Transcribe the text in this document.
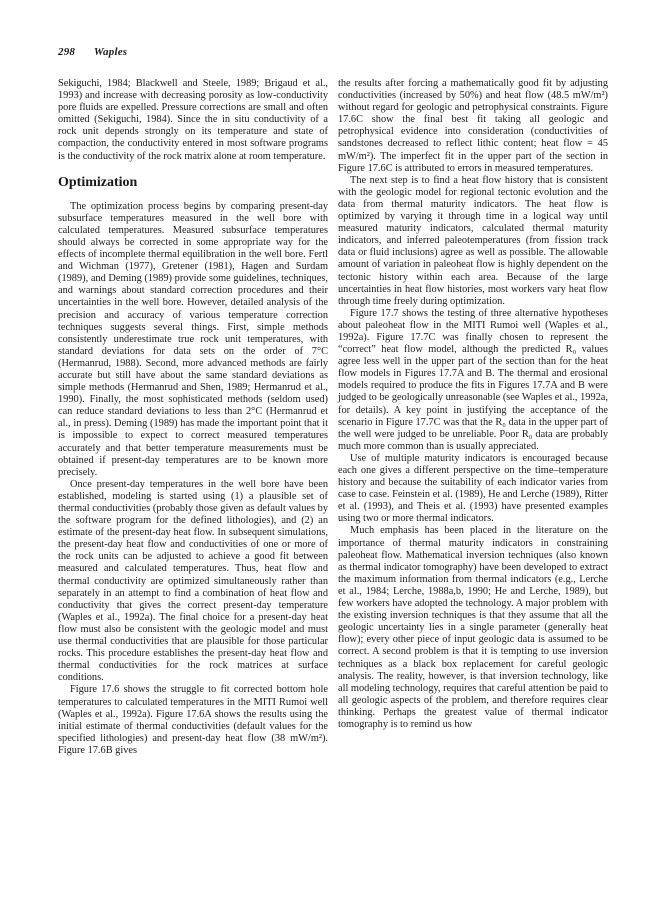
298 Waples

Sekiguchi, 1984; Blackwell and Steele, 1989; Brigaud et al., 1993) and increase with decreasing porosity as low-conductivity pore fluids are expelled. Pressure corrections are small and often omitted (Sekiguchi, 1984). Since the in situ conductivity of a rock unit depends strongly on its temperature and state of compaction, the conductivity entered in most software programs is the conductivity of the rock matrix alone at room temperature.

Optimization

The optimization process begins by comparing present-day subsurface temperatures measured in the well bore with calculated temperatures. Measured subsurface temperatures should always be corrected in some appropriate way for the effects of incomplete thermal equilibration in the well bore. Fertl and Wichman (1977), Gretener (1981), Hagen and Surdam (1989), and Deming (1989) provide some guidelines, techniques, and warnings about standard correction procedures and their uncertainties in the well bore. However, detailed analysis of the precision and accuracy of various temperature correction techniques suggests several things. First, simple methods consistently underestimate true rock unit temperatures, with standard deviations for data sets on the order of 7°C (Hermanrud, 1988). Second, more advanced methods are fairly accurate but still have about the same standard deviations as simple methods (Hermanrud and Shen, 1989; Hermanrud et al., 1990). Finally, the most sophisticated methods (seldom used) can reduce standard deviations to less than 2°C (Hermanrud et al., in press). Deming (1989) has made the important point that it is impossible to expect to correct measured temperatures accurately and that better temperature measurements must be obtained if present-day temperatures are to be known more precisely.

Once present-day temperatures in the well bore have been established, modeling is started using (1) a plausible set of thermal conductivities (probably those given as default values by the software program for the defined lithologies), and (2) an estimate of the present-day heat flow. In subsequent simulations, the present-day heat flow and conductivities of one or more of the rock units can be adjusted to achieve a good fit between measured and calculated temperatures. Thus, heat flow and thermal conductivity are optimized simultaneously rather than separately in an attempt to find a combination of heat flow and conductivity that gives the correct present-day temperature (Waples et al., 1992a). The final choice for a present-day heat flow must also be consistent with the geologic model and must use thermal conductivities that are plausible for those particular rocks. This procedure establishes the present-day heat flow and thermal conductivities for the rock matrices at surface conditions.

Figure 17.6 shows the struggle to fit corrected bottom hole temperatures to calculated temperatures in the MITI Rumoi well (Waples et al., 1992a). Figure 17.6A shows the results using the initial estimate of thermal conductivities (default values for the specified lithologies) and present-day heat flow (38 mW/m²). Figure 17.6B gives

the results after forcing a mathematically good fit by adjusting conductivities (increased by 50%) and heat flow (48.5 mW/m²) without regard for geologic and petrophysical constraints. Figure 17.6C show the final best fit taking all geologic and petrophysical evidence into consideration (conductivities of sandstones decreased to reflect lithic content; heat flow = 45 mW/m²). The imperfect fit in the upper part of the section in Figure 17.6C is attributed to errors in measured temperatures.

The next step is to find a heat flow history that is consistent with the geologic model for regional tectonic evolution and the data from thermal maturity indicators. The heat flow is optimized by varying it through time in a logical way until measured maturity indicators, calculated thermal maturity indicators, and inferred paleotemperatures (from fission track data or fluid inclusions) agree as well as possible. The allowable amount of variation in paleoheat flow is highly dependent on the tectonic history within each area. Because of the large uncertainties in heat flow histories, most workers vary heat flow through time freely during optimization.

Figure 17.7 shows the testing of three alternative hypotheses about paleoheat flow in the MITI Rumoi well (Waples et al., 1992a). Figure 17.7C was finally chosen to represent the “correct” heat flow model, although the predicted R₀ values agree less well in the upper part of the section than for the heat flow models in Figures 17.7A and B. The thermal and erosional models required to produce the fits in Figures 17.7A and B were judged to be geologically unreasonable (see Waples et al., 1992a, for details). A key point in justifying the acceptance of the scenario in Figure 17.7C was that the R₀ data in the upper part of the well were judged to be unreliable. Poor R₀ data are probably much more common than is usually appreciated.

Use of multiple maturity indicators is encouraged because each one gives a different perspective on the time–temperature history and because the suitability of each indicator varies from case to case. Feinstein et al. (1989), He and Lerche (1989), Ritter et al. (1993), and Theis et al. (1993) have presented examples using two or more thermal indicators.

Much emphasis has been placed in the literature on the importance of thermal maturity indicators in constraining paleoheat flow. Mathematical inversion techniques (also known as thermal indicator tomography) have been developed to extract the maximum information from thermal indicators (e.g., Lerche et al., 1984; Lerche, 1988a,b, 1990; He and Lerche, 1989), but few workers have adopted the technology. A major problem with the existing inversion techniques is that they assume that all the geologic uncertainty lies in a single parameter (generally heat flow); every other piece of input geologic data is assumed to be correct. A second problem is that it is tempting to use inversion techniques as a black box replacement for careful geologic analysis. The reality, however, is that inversion technology, like all modeling technology, requires that careful attention be paid to all geologic aspects of the problem, and therefore requires clear thinking. Perhaps the greatest value of thermal indicator tomography is to remind us how
